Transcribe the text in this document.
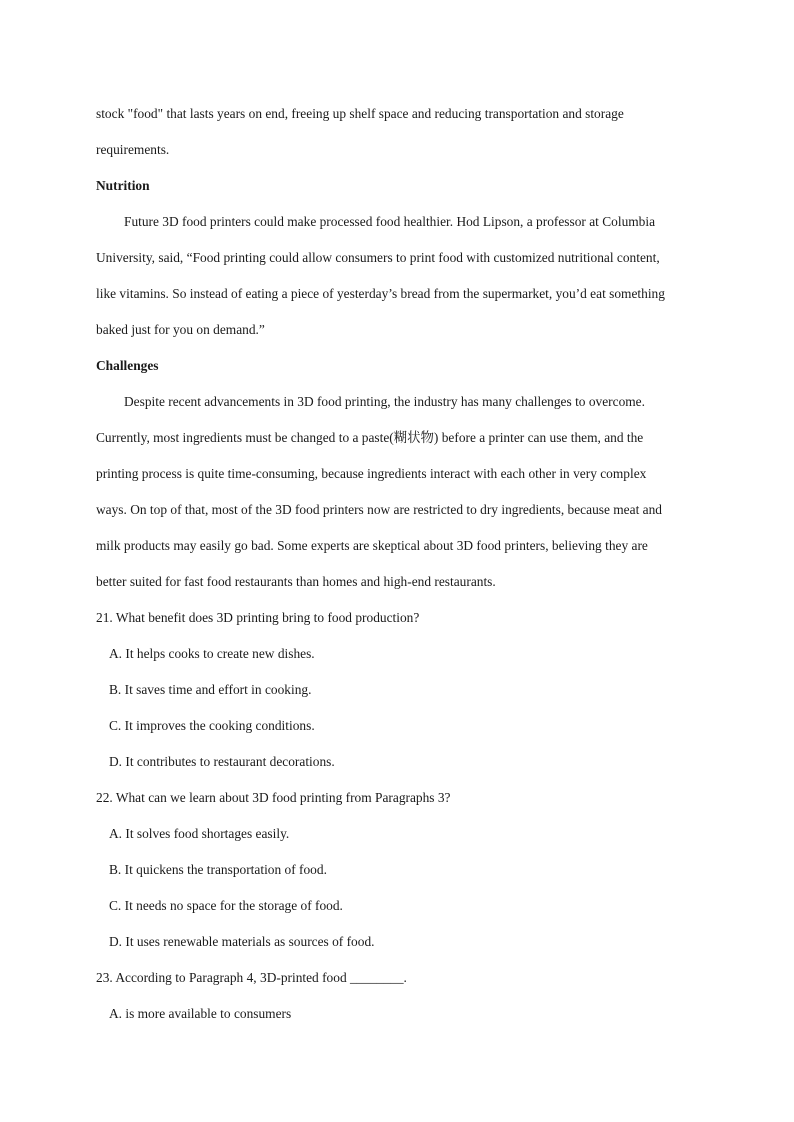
stock "food" that lasts years on end, freeing up shelf space and reducing transportation and storage
requirements.
Nutrition
Future 3D food printers could make processed food healthier. Hod Lipson, a professor at Columbia
University, said, “Food printing could allow consumers to print food with customized nutritional content,
like vitamins. So instead of eating a piece of yesterday’s bread from the supermarket, you’d eat something
baked just for you on demand.”
Challenges
Despite recent advancements in 3D food printing, the industry has many challenges to overcome.
Currently, most ingredients must be changed to a paste(糊状物) before a printer can use them, and the
printing process is quite time-consuming, because ingredients interact with each other in very complex
ways. On top of that, most of the 3D food printers now are restricted to dry ingredients, because meat and
milk products may easily go bad. Some experts are skeptical about 3D food printers, believing they are
better suited for fast food restaurants than homes and high-end restaurants.
21. What benefit does 3D printing bring to food production?
A. It helps cooks to create new dishes.
B. It saves time and effort in cooking.
C. It improves the cooking conditions.
D. It contributes to restaurant decorations.
22. What can we learn about 3D food printing from Paragraphs 3?
A. It solves food shortages easily.
B. It quickens the transportation of food.
C. It needs no space for the storage of food.
D. It uses renewable materials as sources of food.
23. According to Paragraph 4, 3D-printed food ________.
A. is more available to consumers
